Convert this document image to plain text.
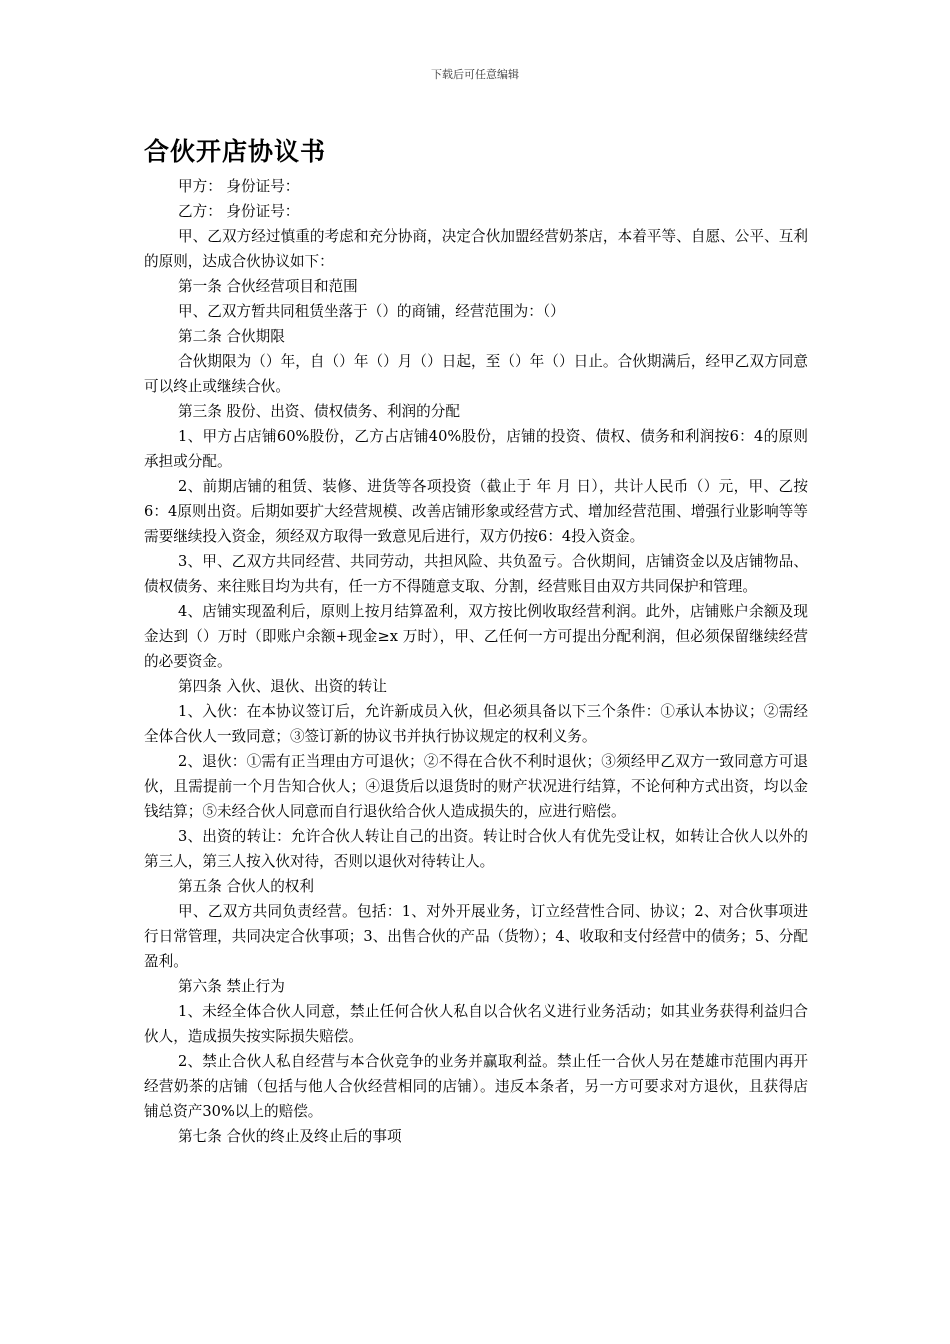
下载后可任意编辑
合伙开店协议书

甲方： 身份证号：

乙方： 身份证号：

甲、乙双方经过慎重的考虑和充分协商，决定合伙加盟经营奶茶店，本着平等、自愿、公平、互利的原则，达成合伙协议如下：

第一条 合伙经营项目和范围

甲、乙双方暂共同租赁坐落于（）的商铺，经营范围为：（）

第二条 合伙期限

合伙期限为（）年，自（）年（）月（）日起，至（）年（）日止。合伙期满后，经甲乙双方同意可以终止或继续合伙。

第三条 股份、出资、债权债务、利润的分配

1、甲方占店铺60%股份，乙方占店铺40%股份，店铺的投资、债权、债务和利润按6：4的原则承担或分配。

2、前期店铺的租赁、装修、进货等各项投资（截止于 年 月 日），共计人民币（）元，甲、乙按6：4原则出资。后期如要扩大经营规模、改善店铺形象或经营方式、增加经营范围、增强行业影响等等需要继续投入资金，须经双方取得一致意见后进行，双方仍按6：4投入资金。

3、甲、乙双方共同经营、共同劳动，共担风险、共负盈亏。合伙期间，店铺资金以及店铺物品、债权债务、来往账目均为共有，任一方不得随意支取、分割，经营账目由双方共同保护和管理。

4、店铺实现盈利后，原则上按月结算盈利，双方按比例收取经营利润。此外，店铺账户余额及现金达到（）万时（即账户余额+现金≥x 万时），甲、乙任何一方可提出分配利润，但必须保留继续经营的必要资金。

第四条 入伙、退伙、出资的转让

1、入伙：在本协议签订后，允许新成员入伙，但必须具备以下三个条件：①承认本协议；②需经全体合伙人一致同意；③签订新的协议书并执行协议规定的权利义务。

2、退伙：①需有正当理由方可退伙；②不得在合伙不利时退伙；③须经甲乙双方一致同意方可退伙，且需提前一个月告知合伙人；④退货后以退货时的财产状况进行结算，不论何种方式出资，均以金钱结算；⑤未经合伙人同意而自行退伙给合伙人造成损失的，应进行赔偿。

3、出资的转让：允许合伙人转让自己的出资。转让时合伙人有优先受让权，如转让合伙人以外的第三人，第三人按入伙对待，否则以退伙对待转让人。

第五条 合伙人的权利

甲、乙双方共同负责经营。包括：1、对外开展业务，订立经营性合同、协议；2、对合伙事项进行日常管理，共同决定合伙事项；3、出售合伙的产品（货物）；4、收取和支付经营中的债务；5、分配盈利。

第六条 禁止行为

1、未经全体合伙人同意，禁止任何合伙人私自以合伙名义进行业务活动；如其业务获得利益归合伙人，造成损失按实际损失赔偿。

2、禁止合伙人私自经营与本合伙竞争的业务并赢取利益。禁止任一合伙人另在楚雄市范围内再开经营奶茶的店铺（包括与他人合伙经营相同的店铺）。违反本条者，另一方可要求对方退伙，且获得店铺总资产30%以上的赔偿。

第七条 合伙的终止及终止后的事项
